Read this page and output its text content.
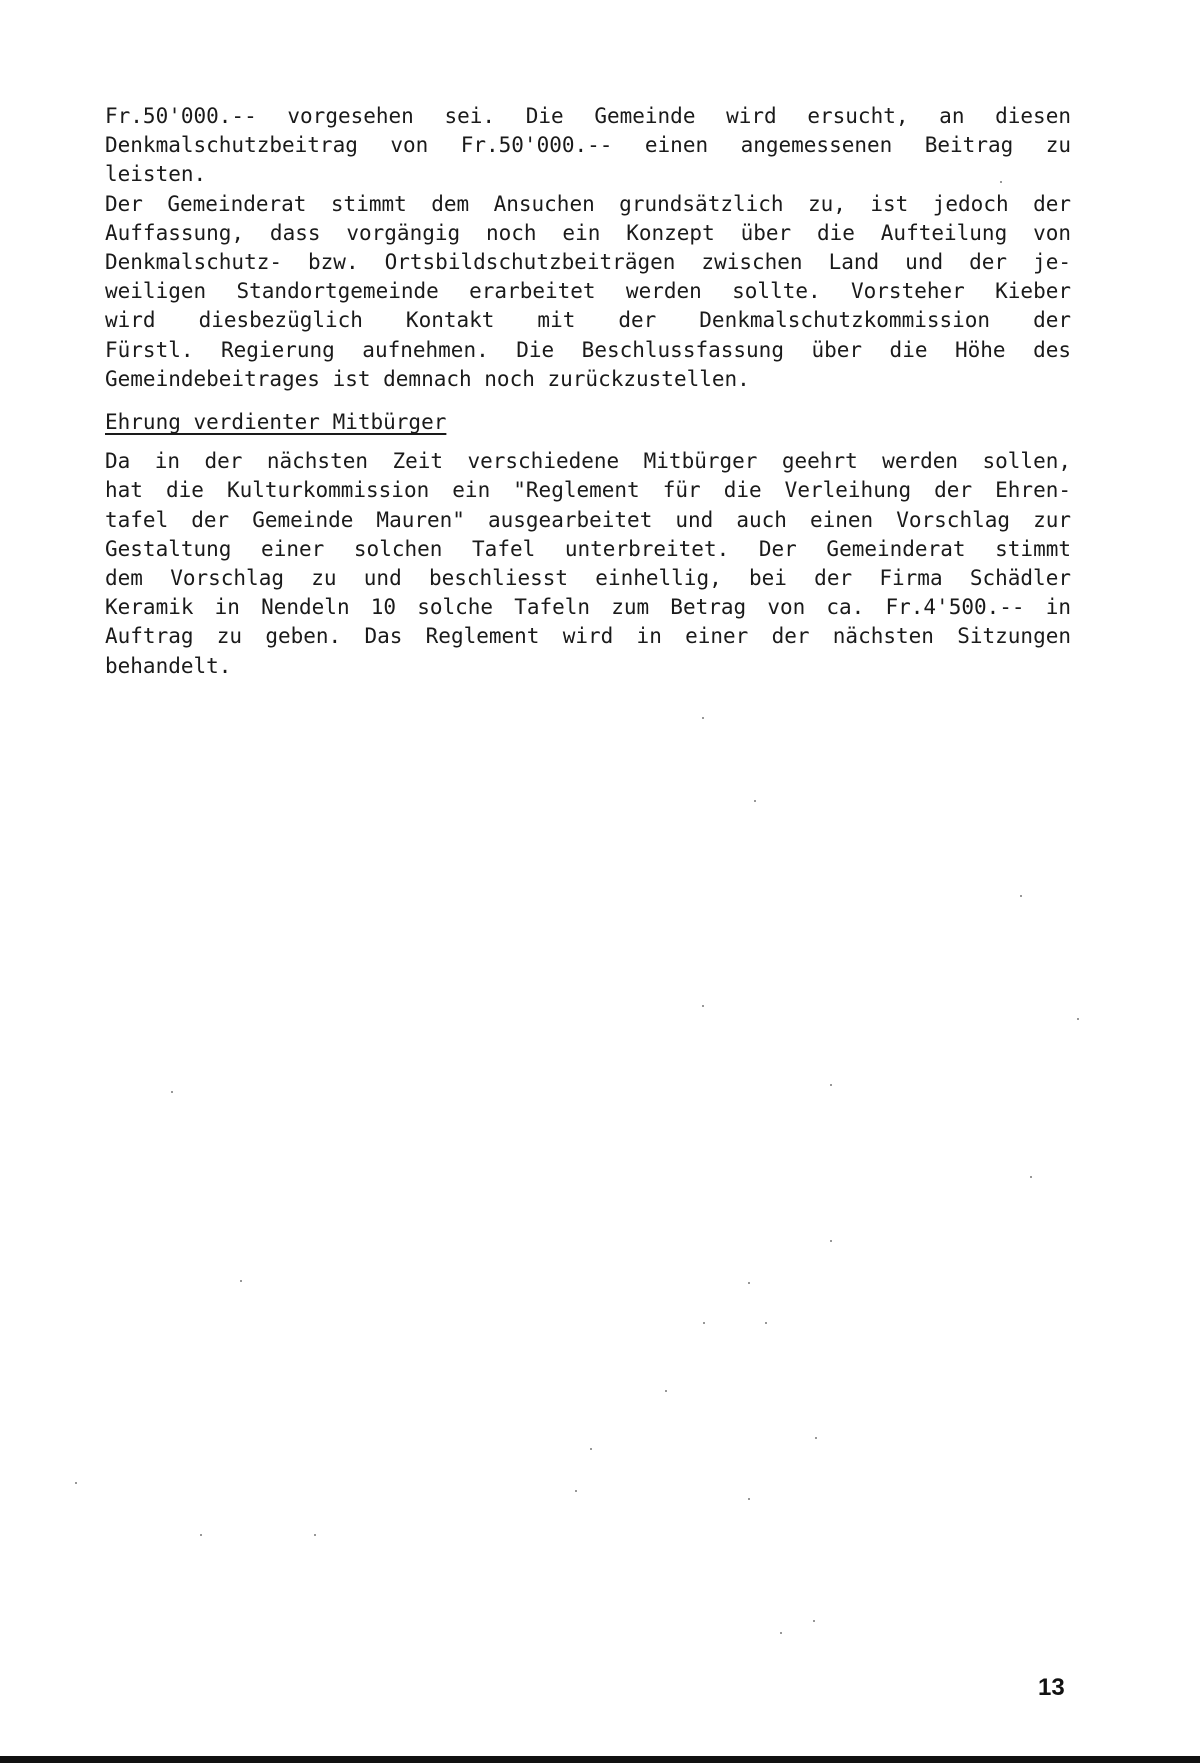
Fr.50'000.-- vorgesehen sei. Die Gemeinde wird ersucht, an diesen

Denkmalschutzbeitrag von Fr.50'000.-- einen angemessenen Beitrag zu

leisten.

Der Gemeinderat stimmt dem Ansuchen grundsätzlich zu, ist jedoch der

Auffassung, dass vorgängig noch ein Konzept über die Aufteilung von

Denkmalschutz- bzw. Ortsbildschutzbeiträgen zwischen Land und der je-

weiligen Standortgemeinde erarbeitet werden sollte. Vorsteher Kieber

wird diesbezüglich Kontakt mit der Denkmalschutzkommission der

Fürstl. Regierung aufnehmen. Die Beschlussfassung über die Höhe des

Gemeindebeitrages ist demnach noch zurückzustellen.

Ehrung verdienter Mitbürger

Da in der nächsten Zeit verschiedene Mitbürger geehrt werden sollen,

hat die Kulturkommission ein "Reglement für die Verleihung der Ehren-

tafel der Gemeinde Mauren" ausgearbeitet und auch einen Vorschlag zur

Gestaltung einer solchen Tafel unterbreitet. Der Gemeinderat stimmt

dem Vorschlag zu und beschliesst einhellig, bei der Firma Schädler

Keramik in Nendeln 10 solche Tafeln zum Betrag von ca. Fr.4'500.-- in

Auftrag zu geben. Das Reglement wird in einer der nächsten Sitzungen

behandelt.

13
